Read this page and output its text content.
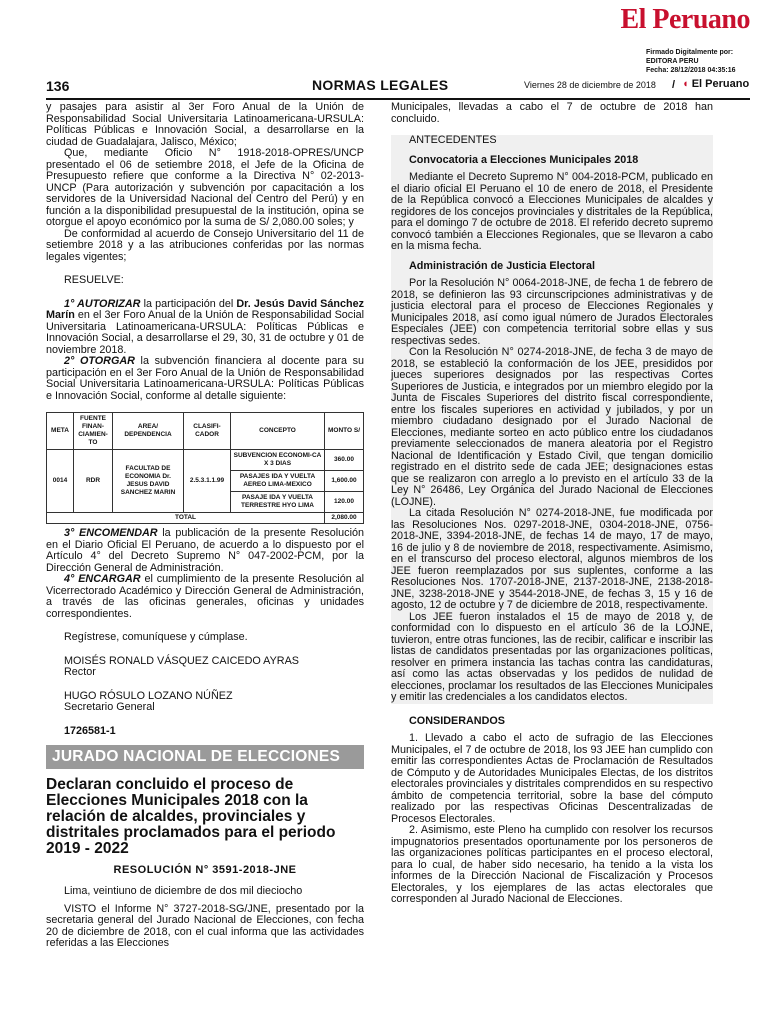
El Peruano
Firmado Digitalmente por:
EDITORA PERU
Fecha: 28/12/2018 04:35:16
136	NORMAS LEGALES	Viernes 28 de diciembre de 2018 / ◖ El Peruano

y pasajes para asistir al 3er Foro Anual de la Unión de Responsabilidad Social Universitaria Latinoamericana-URSULA: Políticas Públicas e Innovación Social, a desarrollarse en la ciudad de Guadalajara, Jalisco, México;

Que, mediante Oficio N° 1918-2018-OPRES/UNCP presentado el 06 de setiembre 2018, el Jefe de la Oficina de Presupuesto refiere que conforme a la Directiva N° 02-2013-UNCP (Para autorización y subvención por capacitación a los servidores de la Universidad Nacional del Centro del Perú) y en función a la disponibilidad presupuestal de la institución, opina se otorgue el apoyo económico por la suma de S/ 2,080.00 soles; y

De conformidad al acuerdo de Consejo Universitario del 11 de setiembre 2018 y a las atribuciones conferidas por las normas legales vigentes;

RESUELVE:

1° AUTORIZAR la participación del Dr. Jesús David Sánchez Marín en el 3er Foro Anual de la Unión de Responsabilidad Social Universitaria Latinoamericana-URSULA: Políticas Públicas e Innovación Social, a desarrollarse el 29, 30, 31 de octubre y 01 de noviembre 2018.

2° OTORGAR la subvención financiera al docente para su participación en el 3er Foro Anual de la Unión de Responsabilidad Social Universitaria Latinoamericana-URSULA: Políticas Públicas e Innovación Social, conforme al detalle siguiente:

META	FUENTE FINAN-CIAMIEN-TO	AREA/ DEPENDENCIA	CLASIFI-CADOR	CONCEPTO	MONTO S/
0014	RDR	FACULTAD DE ECONOMIA Dr. JESUS DAVID SANCHEZ MARIN	2.5.3.1.1.99	SUBVENCION ECONOMI-CA X 3 DIAS	360.00
				PASAJES IDA Y VUELTA AEREO LIMA-MEXICO	1,600.00
				PASAJE IDA Y VUELTA TERRESTRE HYO LIMA	120.00
TOTAL					2,080.00

3° ENCOMENDAR la publicación de la presente Resolución en el Diario Oficial El Peruano, de acuerdo a lo dispuesto por el Artículo 4° del Decreto Supremo N° 047-2002-PCM, por la Dirección General de Administración.

4° ENCARGAR el cumplimiento de la presente Resolución al Vicerrectorado Académico y Dirección General de Administración, a través de las oficinas generales, oficinas y unidades correspondientes.

Regístrese, comuníquese y cúmplase.

MOISÉS RONALD VÁSQUEZ CAICEDO AYRAS

Rector

HUGO RÓSULO LOZANO NÚÑEZ

Secretario General

1726581-1

JURADO NACIONAL DE ELECCIONES
Declaran concluido el proceso de Elecciones Municipales 2018 con la relación de alcaldes, provinciales y distritales proclamados para el periodo 2019 - 2022
RESOLUCIÓN N° 3591-2018-JNE

Lima, veintiuno de diciembre de dos mil dieciocho

VISTO el Informe N° 3727-2018-SG/JNE, presentado por la secretaria general del Jurado Nacional de Elecciones, con fecha 20 de diciembre de 2018, con el cual informa que las actividades referidas a las Elecciones

Municipales, llevadas a cabo el 7 de octubre de 2018 han concluido.

ANTECEDENTES
Convocatoria a Elecciones Municipales 2018

Mediante el Decreto Supremo N° 004-2018-PCM, publicado en el diario oficial El Peruano el 10 de enero de 2018, el Presidente de la República convocó a Elecciones Municipales de alcaldes y regidores de los concejos provinciales y distritales de la República, para el domingo 7 de octubre de 2018. El referido decreto supremo convocó también a Elecciones Regionales, que se llevaron a cabo en la misma fecha.

Administración de Justicia Electoral

Por la Resolución N° 0064-2018-JNE, de fecha 1 de febrero de 2018, se definieron las 93 circunscripciones administrativas y de justicia electoral para el proceso de Elecciones Regionales y Municipales 2018, así como igual número de Jurados Electorales Especiales (JEE) con competencia territorial sobre ellas y sus respectivas sedes.

Con la Resolución N° 0274-2018-JNE, de fecha 3 de mayo de 2018, se estableció la conformación de los JEE, presididos por jueces superiores designados por las respectivas Cortes Superiores de Justicia, e integrados por un miembro elegido por la Junta de Fiscales Superiores del distrito fiscal correspondiente, entre los fiscales superiores en actividad y jubilados, y por un miembro ciudadano designado por el Jurado Nacional de Elecciones, mediante sorteo en acto público entre los ciudadanos previamente seleccionados de manera aleatoria por el Registro Nacional de Identificación y Estado Civil, que tengan domicilio registrado en el distrito sede de cada JEE; designaciones estas que se realizaron con arreglo a lo previsto en el artículo 33 de la Ley N° 26486, Ley Orgánica del Jurado Nacional de Elecciones (LOJNE).

La citada Resolución N° 0274-2018-JNE, fue modificada por las Resoluciones Nos. 0297-2018-JNE, 0304-2018-JNE, 0756-2018-JNE, 3394-2018-JNE, de fechas 14 de mayo, 17 de mayo, 16 de julio y 8 de noviembre de 2018, respectivamente. Asimismo, en el transcurso del proceso electoral, algunos miembros de los JEE fueron reemplazados por sus suplentes, conforme a las Resoluciones Nos. 1707-2018-JNE, 2137-2018-JNE, 2138-2018-JNE, 3238-2018-JNE y 3544-2018-JNE, de fechas 3, 15 y 16 de agosto, 12 de octubre y 7 de diciembre de 2018, respectivamente.

Los JEE fueron instalados el 15 de mayo de 2018 y, de conformidad con lo dispuesto en el artículo 36 de la LOJNE, tuvieron, entre otras funciones, las de recibir, calificar e inscribir las listas de candidatos presentadas por las organizaciones políticas, resolver en primera instancia las tachas contra las candidaturas, así como las actas observadas y los pedidos de nulidad de elecciones, proclamar los resultados de las Elecciones Municipales y emitir las credenciales a los candidatos electos.

CONSIDERANDOS

1. Llevado a cabo el acto de sufragio de las Elecciones Municipales, el 7 de octubre de 2018, los 93 JEE han cumplido con emitir las correspondientes Actas de Proclamación de Resultados de Cómputo y de Autoridades Municipales Electas, de los distritos electorales provinciales y distritales comprendidos en su respectivo ámbito de competencia territorial, sobre la base del cómputo realizado por las respectivas Oficinas Descentralizadas de Procesos Electorales.

2. Asimismo, este Pleno ha cumplido con resolver los recursos impugnatorios presentados oportunamente por los personeros de las organizaciones políticas participantes en el proceso electoral, para lo cual, de haber sido necesario, ha tenido a la vista los informes de la Dirección Nacional de Fiscalización y Procesos Electorales, y los ejemplares de las actas electorales que corresponden al Jurado Nacional de Elecciones.
